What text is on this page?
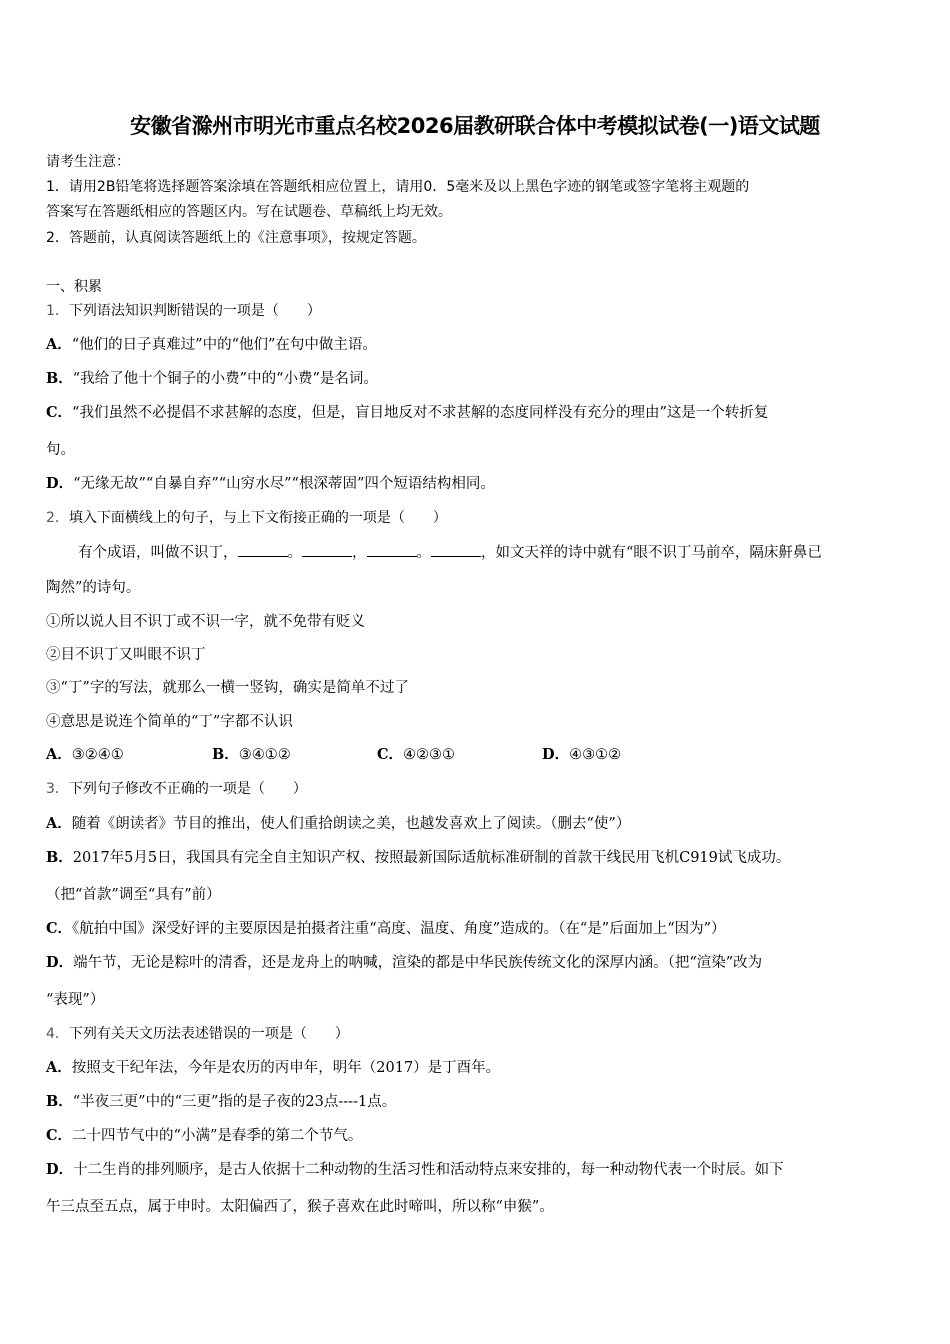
安徽省滁州市明光市重点名校2026届教研联合体中考模拟试卷(一)语文试题
请考生注意：
1．请用2B铅笔将选择题答案涂填在答题纸相应位置上，请用0．5毫米及以上黑色字迹的钢笔或签字笔将主观题的
答案写在答题纸相应的答题区内。写在试题卷、草稿纸上均无效。
2．答题前，认真阅读答题纸上的《注意事项》，按规定答题。
一、积累
1．下列语法知识判断错误的一项是（　　）
A．“他们的日子真难过”中的“他们”在句中做主语。
B．“我给了他十个铜子的小费”中的“小费”是名词。
C．“我们虽然不必提倡不求甚解的态度，但是，盲目地反对不求甚解的态度同样没有充分的理由”这是一个转折复
句。
D．“无缘无故”“自暴自弃”“山穷水尽”“根深蒂固”四个短语结构相同。
2．填入下面横线上的句子，与上下文衔接正确的一项是（　　）
有个成语，叫做不识丁，	。	，	。	，如文天祥的诗中就有“眼不识丁马前卒，隔床鼾鼻已
陶然”的诗句。
①所以说人目不识丁或不识一字，就不免带有贬义
②目不识丁又叫眼不识丁
③“丁”字的写法，就那么一横一竖钩，确实是简单不过了
④意思是说连个简单的“丁”字都不认识
A．③②④①	B．③④①②	C．④②③①	D．④③①②
3．下列句子修改不正确的一项是（　　）
A．随着《朗读者》节目的推出，使人们重拾朗读之美，也越发喜欢上了阅读。（删去“使”）
B．2017年5月5日，我国具有完全自主知识产权、按照最新国际适航标准研制的首款干线民用飞机C919试飞成功。
（把“首款”调至“具有”前）
C．《航拍中国》深受好评的主要原因是拍摄者注重“高度、温度、角度”造成的。（在“是”后面加上“因为”）
D．端午节，无论是粽叶的清香，还是龙舟上的呐喊，渲染的都是中华民族传统文化的深厚内涵。（把“渲染”改为
“表现”）
4．下列有关天文历法表述错误的一项是（　　）
A．按照支干纪年法，今年是农历的丙申年，明年（2017）是丁酉年。
B．“半夜三更”中的“三更”指的是子夜的23点----1点。
C．二十四节气中的“小满”是春季的第二个节气。
D．十二生肖的排列顺序，是古人依据十二种动物的生活习性和活动特点来安排的，每一种动物代表一个时辰。如下
午三点至五点，属于申时。太阳偏西了，猴子喜欢在此时啼叫，所以称“申猴”。
